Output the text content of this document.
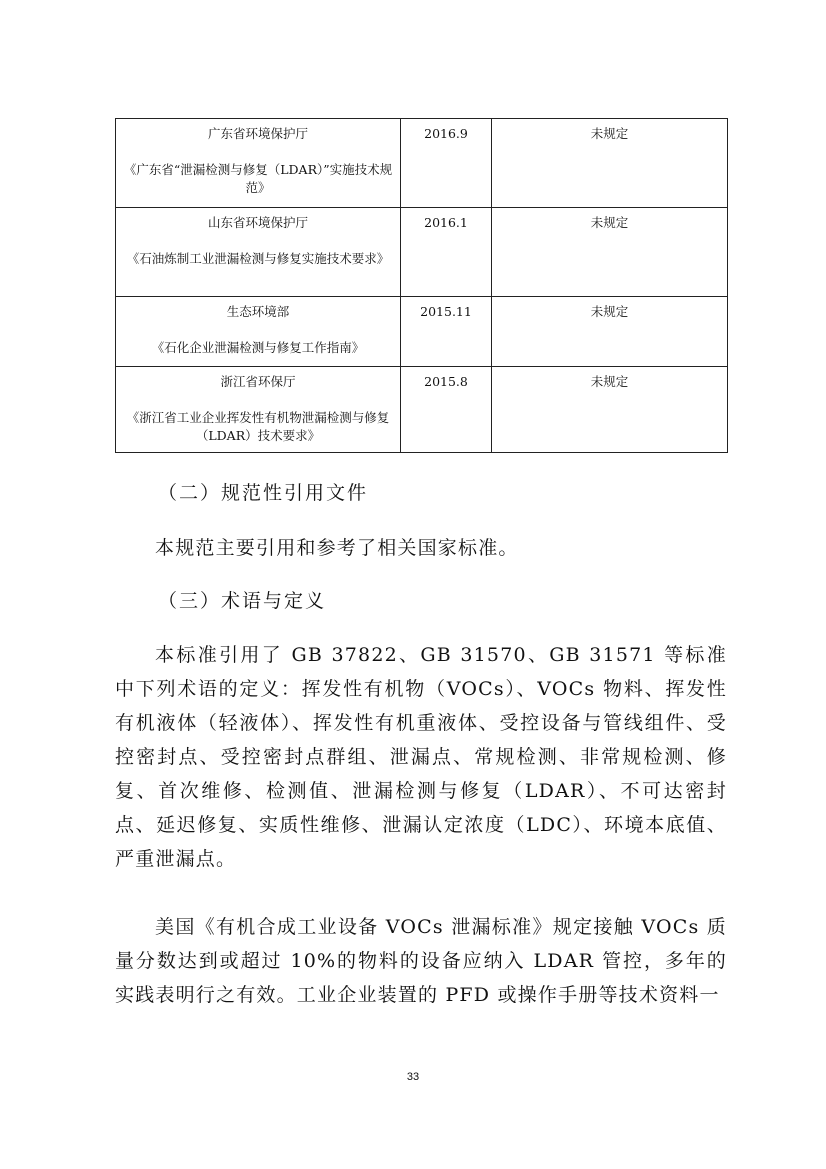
广东省环境保护厅
《广东省“泄漏检测与修复（LDAR）”实施技术规范》	2016.9	未规定

山东省环境保护厅
《石油炼制工业泄漏检测与修复实施技术要求》	2016.1	未规定

生态环境部
《石化企业泄漏检测与修复工作指南》	2015.11	未规定

浙江省环保厅
《浙江省工业企业挥发性有机物泄漏检测与修复（LDAR）技术要求》	2015.8	未规定
（二）规范性引用文件

本规范主要引用和参考了相关国家标准。

（三）术语与定义

本标准引用了 GB 37822、GB 31570、GB 31571 等标准中下列术语的定义：挥发性有机物（VOCs）、VOCs 物料、挥发性有机液体（轻液体）、挥发性有机重液体、受控设备与管线组件、受控密封点、受控密封点群组、泄漏点、常规检测、非常规检测、修复、首次维修、检测值、泄漏检测与修复（LDAR）、不可达密封点、延迟修复、实质性维修、泄漏认定浓度（LDC）、环境本底值、严重泄漏点。

美国《有机合成工业设备 VOCs 泄漏标准》规定接触 VOCs 质量分数达到或超过 10%的物料的设备应纳入 LDAR 管控，多年的实践表明行之有效。工业企业装置的 PFD 或操作手册等技术资料一

33
